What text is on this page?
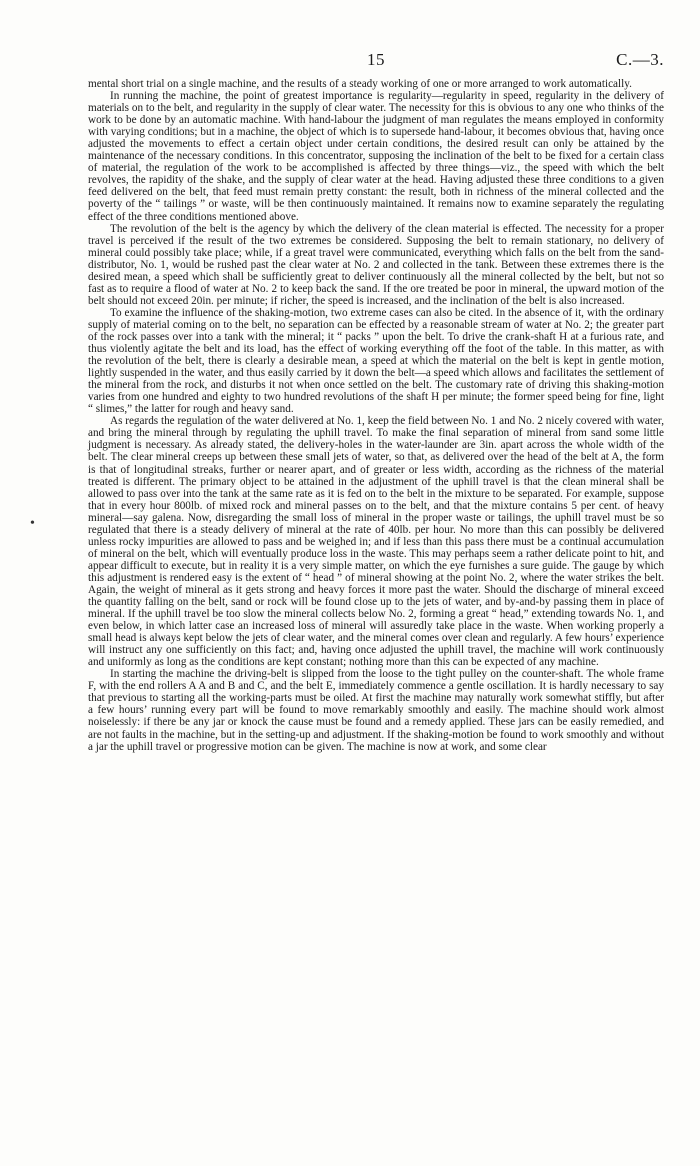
15	C.—3.
•

mental short trial on a single machine, and the results of a steady working of one or more arranged to work automatically.

In running the machine, the point of greatest importance is regularity—regularity in speed, regularity in the delivery of materials on to the belt, and regularity in the supply of clear water. The necessity for this is obvious to any one who thinks of the work to be done by an automatic machine. With hand-labour the judgment of man regulates the means employed in conformity with varying conditions; but in a machine, the object of which is to supersede hand-labour, it becomes obvious that, having once adjusted the movements to effect a certain object under certain conditions, the desired result can only be attained by the maintenance of the necessary conditions. In this concentrator, supposing the inclination of the belt to be fixed for a certain class of material, the regulation of the work to be accomplished is affected by three things—viz., the speed with which the belt revolves, the rapidity of the shake, and the supply of clear water at the head. Having adjusted these three conditions to a given feed delivered on the belt, that feed must remain pretty constant: the result, both in richness of the mineral collected and the poverty of the “ tailings ” or waste, will be then continuously maintained. It remains now to examine separately the regulating effect of the three conditions mentioned above.

The revolution of the belt is the agency by which the delivery of the clean material is effected. The necessity for a proper travel is perceived if the result of the two extremes be considered. Supposing the belt to remain stationary, no delivery of mineral could possibly take place; while, if a great travel were communicated, everything which falls on the belt from the sand-distributor, No. 1, would be rushed past the clear water at No. 2 and collected in the tank. Between these extremes there is the desired mean, a speed which shall be sufficiently great to deliver continuously all the mineral collected by the belt, but not so fast as to require a flood of water at No. 2 to keep back the sand. If the ore treated be poor in mineral, the upward motion of the belt should not exceed 20in. per minute; if richer, the speed is increased, and the inclination of the belt is also increased.

To examine the influence of the shaking-motion, two extreme cases can also be cited. In the absence of it, with the ordinary supply of material coming on to the belt, no separation can be effected by a reasonable stream of water at No. 2; the greater part of the rock passes over into a tank with the mineral; it “ packs ” upon the belt. To drive the crank-shaft H at a furious rate, and thus violently agitate the belt and its load, has the effect of working everything off the foot of the table. In this matter, as with the revolution of the belt, there is clearly a desirable mean, a speed at which the material on the belt is kept in gentle motion, lightly suspended in the water, and thus easily carried by it down the belt—a speed which allows and facilitates the settlement of the mineral from the rock, and disturbs it not when once settled on the belt. The customary rate of driving this shaking-motion varies from one hundred and eighty to two hundred revolutions of the shaft H per minute; the former speed being for fine, light “ slimes,” the latter for rough and heavy sand.

As regards the regulation of the water delivered at No. 1, keep the field between No. 1 and No. 2 nicely covered with water, and bring the mineral through by regulating the uphill travel. To make the final separation of mineral from sand some little judgment is necessary. As already stated, the delivery-holes in the water-launder are 3in. apart across the whole width of the belt. The clear mineral creeps up between these small jets of water, so that, as delivered over the head of the belt at A, the form is that of longitudinal streaks, further or nearer apart, and of greater or less width, according as the richness of the material treated is different. The primary object to be attained in the adjustment of the uphill travel is that the clean mineral shall be allowed to pass over into the tank at the same rate as it is fed on to the belt in the mixture to be separated. For example, suppose that in every hour 800lb. of mixed rock and mineral passes on to the belt, and that the mixture contains 5 per cent. of heavy mineral—say galena. Now, disregarding the small loss of mineral in the proper waste or tailings, the uphill travel must be so regulated that there is a steady delivery of mineral at the rate of 40lb. per hour. No more than this can possibly be delivered unless rocky impurities are allowed to pass and be weighed in; and if less than this pass there must be a continual accumulation of mineral on the belt, which will eventually produce loss in the waste. This may perhaps seem a rather delicate point to hit, and appear difficult to execute, but in reality it is a very simple matter, on which the eye furnishes a sure guide. The gauge by which this adjustment is rendered easy is the extent of “ head ” of mineral showing at the point No. 2, where the water strikes the belt. Again, the weight of mineral as it gets strong and heavy forces it more past the water. Should the discharge of mineral exceed the quantity falling on the belt, sand or rock will be found close up to the jets of water, and by-and-by passing them in place of mineral. If the uphill travel be too slow the mineral collects below No. 2, forming a great “ head,” extending towards No. 1, and even below, in which latter case an increased loss of mineral will assuredly take place in the waste. When working properly a small head is always kept below the jets of clear water, and the mineral comes over clean and regularly. A few hours’ experience will instruct any one sufficiently on this fact; and, having once adjusted the uphill travel, the machine will work continuously and uniformly as long as the conditions are kept constant; nothing more than this can be expected of any machine.

In starting the machine the driving-belt is slipped from the loose to the tight pulley on the counter-shaft. The whole frame F, with the end rollers A A and B and C, and the belt E, immediately commence a gentle oscillation. It is hardly necessary to say that previous to starting all the working-parts must be oiled. At first the machine may naturally work somewhat stiffly, but after a few hours’ running every part will be found to move remarkably smoothly and easily. The machine should work almost noiselessly: if there be any jar or knock the cause must be found and a remedy applied. These jars can be easily remedied, and are not faults in the machine, but in the setting-up and adjustment. If the shaking-motion be found to work smoothly and without a jar the uphill travel or progressive motion can be given. The machine is now at work, and some clear
